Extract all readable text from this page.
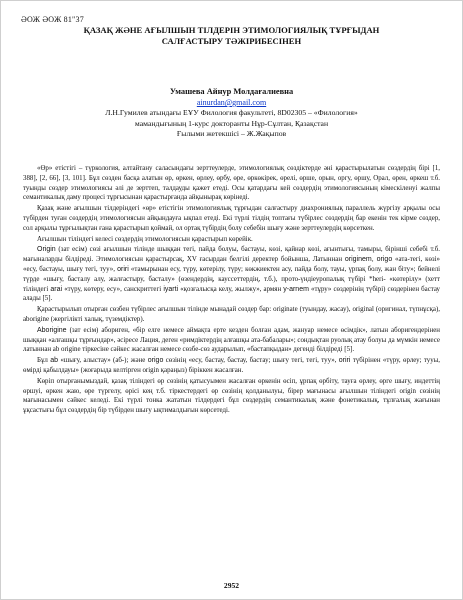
ӘОЖ ӘОЖ 81"37
ҚАЗАҚ ЖӘНЕ АҒЫЛШЫН ТІЛДЕРІН ЭТИМОЛОГИЯЛЫҚ ТҰРҒЫДАН
САЛҒАСТЫРУ ТӘЖІРИБЕСІНЕН
Умашева Айнур Молдағалиевна
ainurdan@gmail.com
Л.Н.Гумилев атындағы ЕҰУ Филология факультеті, 8D02305 – «Филология»
мамандығының 1-курс докторанты Нұр-Сұлтан, Қазақстан
Ғылыми жетекшісі – Ж.Жақыпов

«Өр» етістігі – түркология, алтайтану саласындағы зерттеулерде, этимологиялық сөздіктерде әні қарастырылатын сөздердің бірі [1, 388], [2, 66], [3, 101]. Бұл сөзден басқа алатын өр, өркен, өрлеу, өрбу, өре, өркөкірек, өрелі, өрше, орын, оргу, өршу, Орал, өрен, өркеш т.б. туынды сөздер этимологиясы әлі де зерттеп, талдауды қажет етеді. Осы қатардағы кей сөздердің этимологиясының кімескіленуі жалпы семантикалық даму процесі тұрғысынан қарастырғанда айқынырақ көрінеді.

Қазақ және ағылшын тілдеріндегі «өр» етістігін этимологиялық тұрғыдан салғастыру диахрониялық параллель жүргізу арқылы осы түбірден туған сөздердің этимологиясын айқындауға ықпал етеді. Екі түрлі тілдің топтағы түбірлес сөздердің бар екенін тек кірме сөздер, сол арқылы тұрғылықтан ғана қарастырып қоймай, ол ортақ түбірдің болу себебін шығу және зерттеулердің көрсеткен.

Ағылшын тіліндегі келесі сөздердің этимологиясын қарастырып көрейік.

Origin (зат есім) сөзі ағылшын тілінде шыққан тегі, пайда болуы, бастауы, көзі, қайнар көзі, ағынтығы, тамыры, бірінші себебі т.б. мағыналарды білдіреді. Этимологиясын қарастырсақ, XV ғасырдан белгілі деректер бойынша, Латыннан originem, origo «ата-тегі, көзі» «есу, бастауы, шығу тегі, туу», oriri «тамырынан есу, түру, көтерілу, түру; көкжиектен асу, пайда болу, тауы, үрпақ болу, жан біту»; бейнелі түрде «шығу, басталу алу, жалғастыру, басталу» (өзендердің, кауссеттердің, т.б.), прото-үндіеуропалық түбірі *heri- «көтерілу» (хетт тіліндегі arai «түру, көтеру, есу», санскриттегі iyarti «қозғалысқа келу, жылжу», армян y-arnem «тұру» сөздерінің түбірі) сөздерінен бастау алады [5].

Қарастырылып отырған сөзбен түбірлес ағылшын тілінде мынадай сөздер бар: originate (туындау, жасау), original (оригинал, түпнұсқа), aborigine (жергілікті халық, түземдіктер).

Aborigine (зат есім) абориген, «бір елге немесе аймақта ерте кезден болған адам, жануар немесе өсімдік», латын аборигендерінен шыққан «алғашқы тұрғындар», әсіресе Лация, деген «римдіктердің алғашқы ата-бабалары»; сондықтан руолық атау болуы да мүмкін немесе латыннан ab origine тіркесіне сәйкес жасалған немесе сөзбе-сөз аударылып, «бастапқыдан» дегенді білдіреді [5].

Бұл ab «шығу, алыстау» (аб-); және origo сөзінің «есу, бастау, бастау, бастау; шығу тегі, тегі, туу», oriri түбірінен «түру, өрлеу; тууы, өмірді қабылдауы» (жоғарыда келтірген origin қараңыз) біріккен жасалған.

Көріп отырғанымыздай, қазақ тіліндегі өр сөзінің қатысуымен жасалған өркенін өсіп, ұрпақ өрбіту, тауға өрлеу, өрге шығу, индеттің өршуі, өркен жаю, өре түргелу, өрісі кең т.б. тіркестердегі өр сөзінің қолданылуы, бірер мағынасы ағылшын тіліндегі origin сөзінің мағынасымен сәйкес келеді. Екі түрлі тонка жататын тілдердегі бұл сөздердің семантикалық және фонетикалық, тұлғалық жағынан ұқсастығы бұл сөздердің бір түбірден шығу ықтималдығын көрсетеді.

2952
